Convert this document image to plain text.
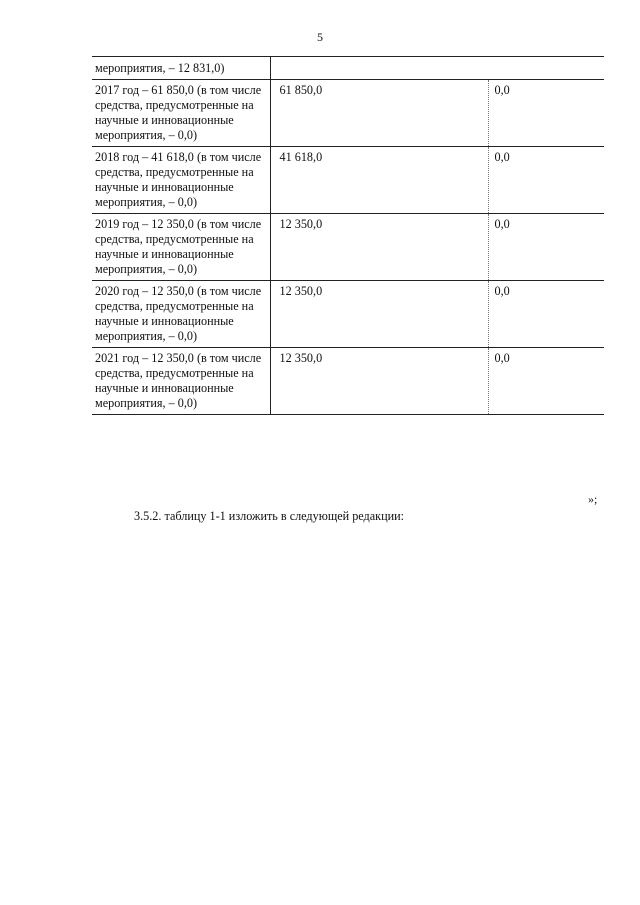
5
мероприятия, – 12 831,0)		
2017 год – 61 850,0 (в том числе средства, предусмотренные на научные и инновационные мероприятия, – 0,0)	61 850,0	0,0
2018 год – 41 618,0 (в том числе средства, предусмотренные на научные и инновационные мероприятия, – 0,0)	41 618,0	0,0
2019 год – 12 350,0 (в том числе средства, предусмотренные на научные и инновационные мероприятия, – 0,0)	12 350,0	0,0
2020 год – 12 350,0 (в том числе средства, предусмотренные на научные и инновационные мероприятия, – 0,0)	12 350,0	0,0
2021 год – 12 350,0 (в том числе средства, предусмотренные на научные и инновационные мероприятия, – 0,0)	12 350,0	0,0
»;
3.5.2. таблицу 1-1 изложить в следующей редакции:
